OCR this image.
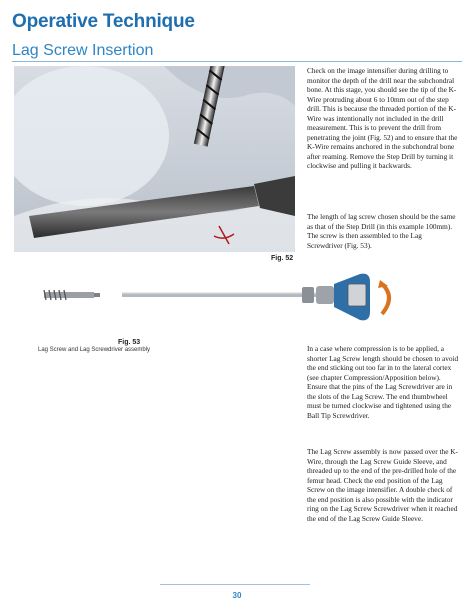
Operative Technique
Lag Screw Insertion
Fig. 52
Fig. 53
Lag Screw and Lag Screwdriver assembly

Check on the image intensifier during drilling to monitor the depth of the drill near the subchondral bone. At this stage, you should see the tip of the K-Wire protruding about 6 to 10mm out of the step drill. This is because the threaded portion of the K-Wire was intentionally not included in the drill measurement. This is to prevent the drill from penetrating the joint (Fig. 52) and to ensure that the K-Wire remains anchored in the subchondral bone after reaming. Remove the Step Drill by turning it clockwise and pulling it backwards.

The length of lag screw chosen should be the same as that of the Step Drill (in this example 100mm). The screw is then assembled to the Lag Screwdriver (Fig. 53).

In a case where compression is to be applied, a shorter Lag Screw length should be chosen to avoid the end sticking out too far in to the lateral cortex (see chapter Compression/Apposition below). Ensure that the pins of the Lag Screwdriver are in the slots of the Lag Screw. The end thumbwheel must be turned clockwise and tightened using the Ball Tip Screwdriver.

The Lag Screw assembly is now passed over the K-Wire, through the Lag Screw Guide Sleeve, and threaded up to the end of the pre-drilled hole of the femur head. Check the end position of the Lag Screw on the image intensifier. A double check of the end position is also possible with the indicator ring on the Lag Screw Screwdriver when it reached the end of the Lag Screw Guide Sleeve.

30
